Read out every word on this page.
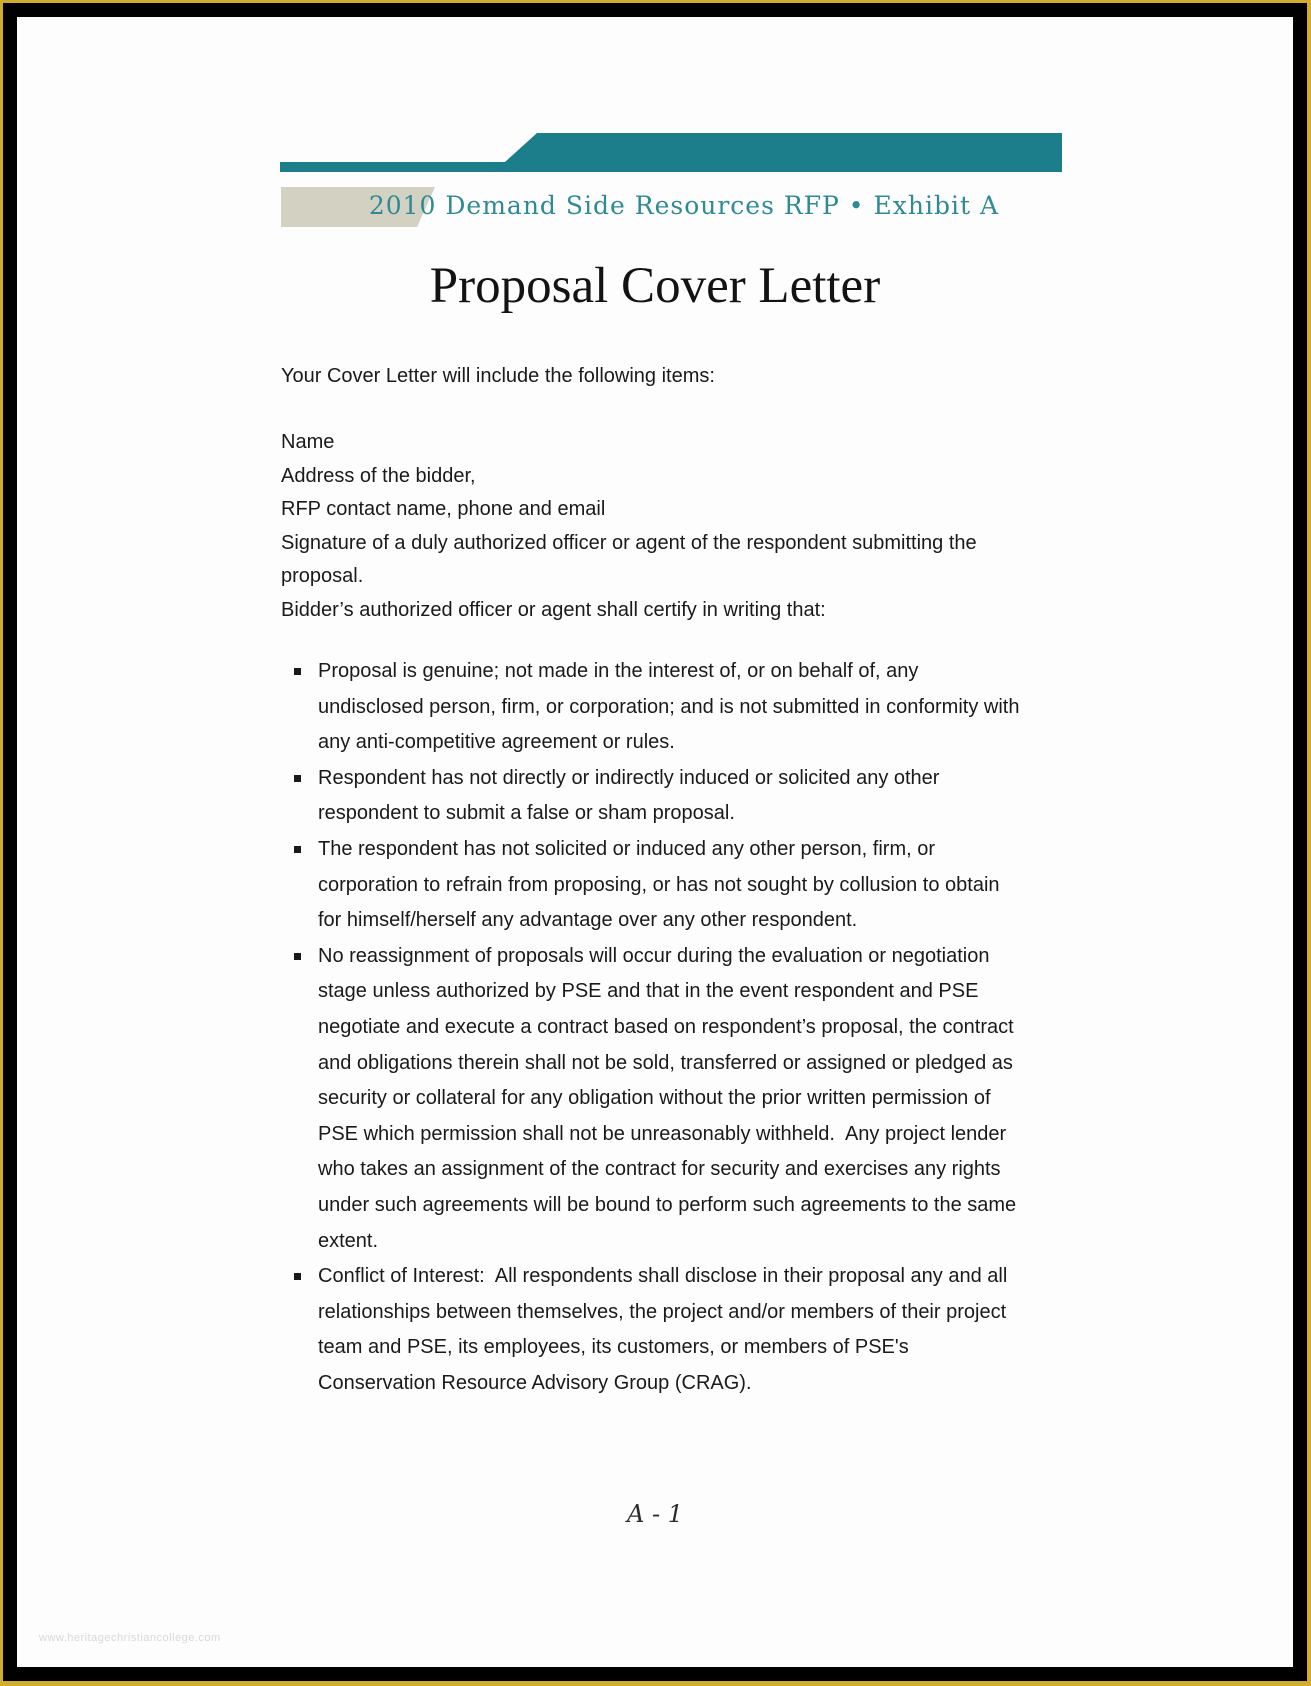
2010 Demand Side Resources RFP • Exhibit A
Proposal Cover Letter
Your Cover Letter will include the following items:
Name
Address of the bidder,
RFP contact name, phone and email
Signature of a duly authorized officer or agent of the respondent submitting the proposal.
Bidder’s authorized officer or agent shall certify in writing that:
Proposal is genuine; not made in the interest of, or on behalf of, any undisclosed person, firm, or corporation; and is not submitted in conformity with any anti-competitive agreement or rules.
Respondent has not directly or indirectly induced or solicited any other respondent to submit a false or sham proposal.
The respondent has not solicited or induced any other person, firm, or corporation to refrain from proposing, or has not sought by collusion to obtain for himself/herself any advantage over any other respondent.
No reassignment of proposals will occur during the evaluation or negotiation stage unless authorized by PSE and that in the event respondent and PSE negotiate and execute a contract based on respondent’s proposal, the contract and obligations therein shall not be sold, transferred or assigned or pledged as security or collateral for any obligation without the prior written permission of PSE which permission shall not be unreasonably withheld.  Any project lender who takes an assignment of the contract for security and exercises any rights under such agreements will be bound to perform such agreements to the same extent.
Conflict of Interest:  All respondents shall disclose in their proposal any and all relationships between themselves, the project and/or members of their project team and PSE, its employees, its customers, or members of PSE's Conservation Resource Advisory Group (CRAG).
A - 1
www.heritagechristiancollege.com
